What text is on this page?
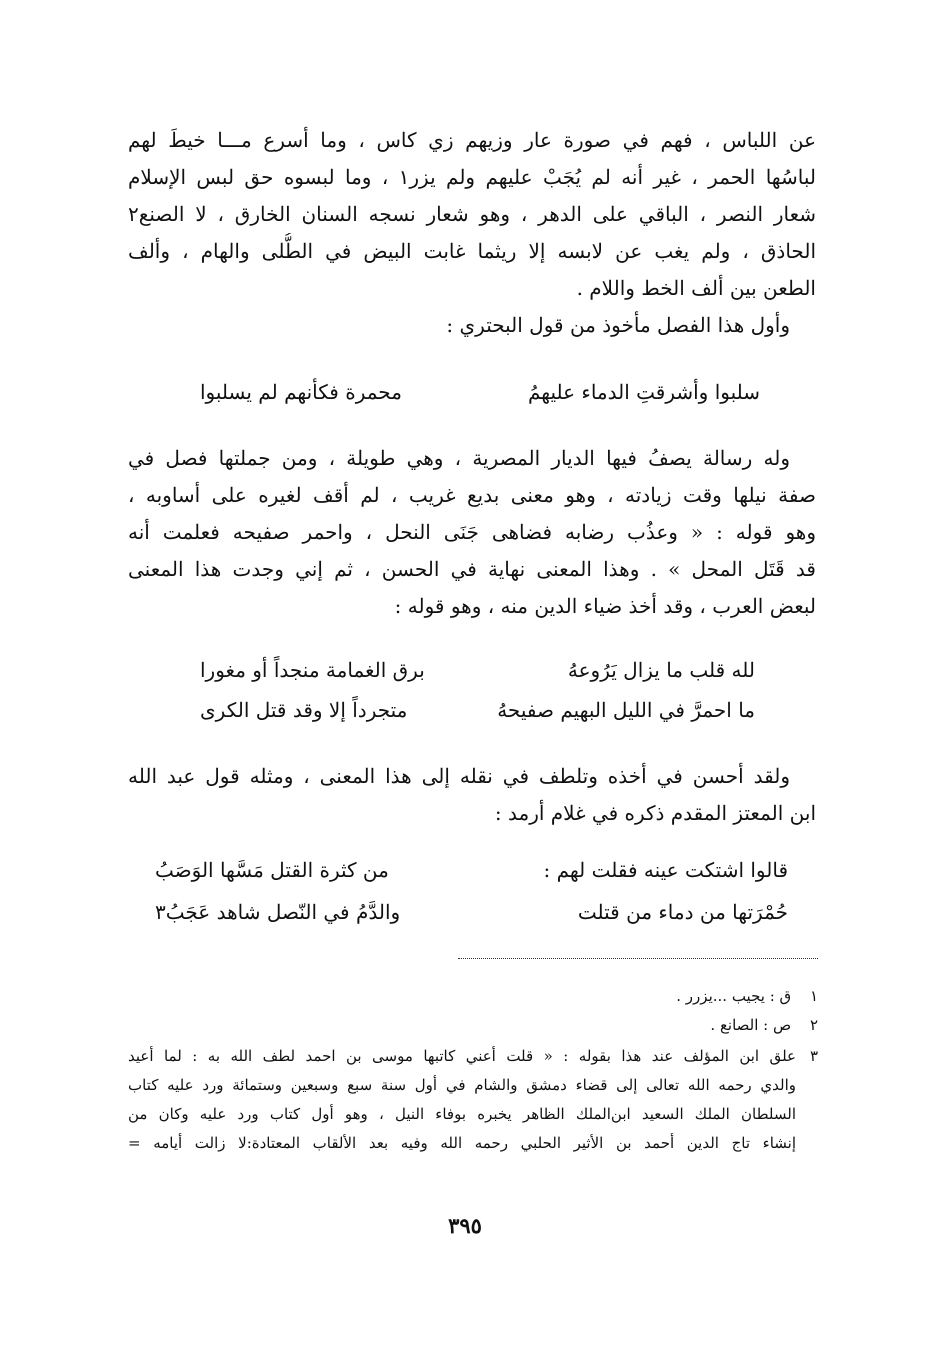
عن اللباس ، فهم في صورة عار وزيهم زي كاس ، وما أسرع مـــا خيطَ لهم
لباسُها الحمر ، غير أنه لم يُجَبْ عليهم ولم يزر١ ، وما لبسوه حق لبس الإسلام
شعار النصر ، الباقي على الدهر ، وهو شعار نسجه السنان الخارق ، لا الصنع٢
الحاذق ، ولم يغب عن لابسه إلا ريثما غابت البيض في الطُّلى والهام ، وألف
الطعن بين ألف الخط واللام .
وأول هذا الفصل مأخوذ من قول البحتري :
سلبوا وأشرقتِ الدماء عليهمُ
محمرة فكأنهم لم يسلبوا
وله رسالة يصفُ فيها الديار المصرية ، وهي طويلة ، ومن جملتها فصل في
صفة نيلها وقت زيادته ، وهو معنى بديع غريب ، لم أقف لغيره على أساوبه ،
وهو قوله : « وعذُب رضابه فضاهى جَنَى النحل ، واحمر صفيحه فعلمت أنه
قد قَتَل المحل » . وهذا المعنى نهاية في الحسن ، ثم إني وجدت هذا المعنى
لبعض العرب ، وقد أخذ ضياء الدين منه ، وهو قوله :
لله قلب ما يزال يَرُوعهُ
برق الغمامة منجداً أو مغورا
ما احمرَّ في الليل البهيم صفيحهُ
متجرداً إلا وقد قتل الكرى
ولقد أحسن في أخذه وتلطف في نقله إلى هذا المعنى ، ومثله قول عبد الله
ابن المعتز المقدم ذكره في غلام أرمد :
قالوا اشتكت عينه فقلت لهم :
من كثرة القتل مَسَّها الوَصَبُ
حُمْرَتها من دماء من قتلت
والدَّمُ في النّصل شاهد عَجَبُ٣
١ ق : يجيب ...يزرر .
٢ ص : الصانع .
٣
علق ابن المؤلف عند هذا بقوله : « قلت أعني كاتبها موسى بن احمد لطف الله به : لما أعيد
والدي رحمه الله تعالى إلى قضاء دمشق والشام في أول سنة سبع وسبعين وستمائة ورد عليه كتاب
السلطان الملك السعيد ابن‌الملك الظاهر يخبره بوفاء النيل ، وهو أول كتاب ورد عليه وكان من
إنشاء تاج الدين أحمد بن الأثير الحلبي رحمه الله وفيه بعد الألقاب المعتادة:لا زالت أيامه =
٣٩٥
